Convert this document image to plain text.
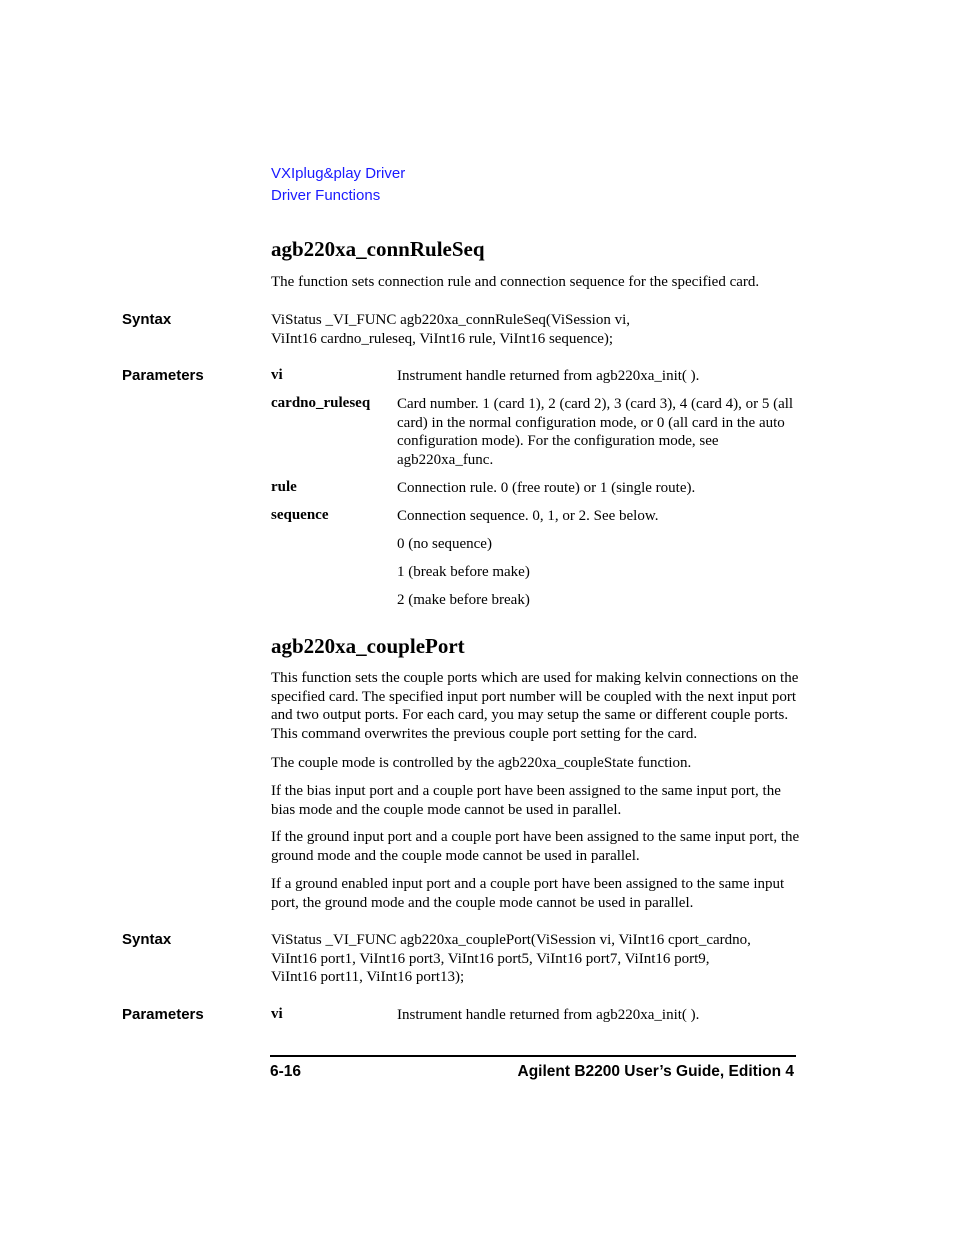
VXIplug&play Driver
Driver Functions
agb220xa_connRuleSeq

The function sets connection rule and connection sequence for the specified card.

Syntax	ViStatus _VI_FUNC agb220xa_connRuleSeq(ViSession vi,
ViInt16 cardno_ruleseq, ViInt16 rule, ViInt16 sequence);
Parameters	vi	Instrument handle returned from agb220xa_init( ).

cardno_ruleseq Card number. 1 (card 1), 2 (card 2), 3 (card 3), 4 (card 4), or 5 (all card) in the normal configuration mode, or 0 (all card in the auto configuration mode). For the configuration mode, see agb220xa_func.

rule	Connection rule. 0 (free route) or 1 (single route).

sequence	Connection sequence. 0, 1, or 2. See below.

0 (no sequence)

1 (break before make)

2 (make before break)

agb220xa_couplePort

This function sets the couple ports which are used for making kelvin connections on the specified card. The specified input port number will be coupled with the next input port and two output ports. For each card, you may setup the same or different couple ports. This command overwrites the previous couple port setting for the card.

The couple mode is controlled by the agb220xa_coupleState function.

If the bias input port and a couple port have been assigned to the same input port, the bias mode and the couple mode cannot be used in parallel.

If the ground input port and a couple port have been assigned to the same input port, the ground mode and the couple mode cannot be used in parallel.

If a ground enabled input port and a couple port have been assigned to the same input port, the ground mode and the couple mode cannot be used in parallel.

Syntax	ViStatus _VI_FUNC agb220xa_couplePort(ViSession vi, ViInt16 cport_cardno,
ViInt16 port1, ViInt16 port3, ViInt16 port5, ViInt16 port7, ViInt16 port9,
ViInt16 port11, ViInt16 port13);
Parameters	vi	Instrument handle returned from agb220xa_init( ).

6-16	Agilent B2200 User’s Guide, Edition 4
